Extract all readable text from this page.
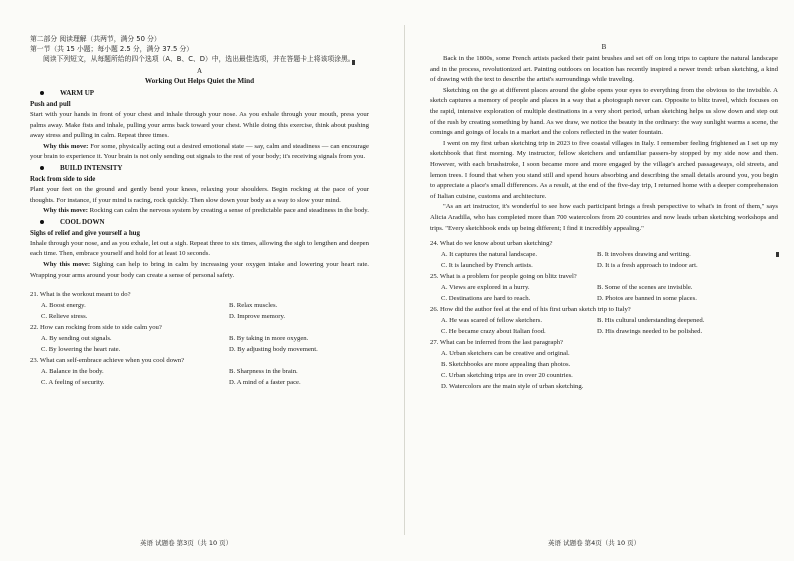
第二部分 阅读理解（共两节，满分 50 分）

第一节（共 15 小题；每小题 2.5 分，满分 37.5 分）

阅读下列短文，从每题所给的四个选项（A、B、C、D）中，选出最佳选项，并在答题卡上将该项涂黑。

A

Working Out Helps Quiet the Mind

WARM UP

Push and pull

Start with your hands in front of your chest and inhale through your nose. As you exhale through your mouth, press your palms away. Make fists and inhale, pulling your arms back toward your chest. While doing this exercise, think about pushing away stress and pulling in calm. Repeat three times.

Why this move: For some, physically acting out a desired emotional state — say, calm and steadiness — can encourage your brain to experience it. Your brain is not only sending out signals to the rest of your body; it's receiving signals from you.

BUILD INTENSITY

Rock from side to side

Plant your feet on the ground and gently bend your knees, relaxing your shoulders. Begin rocking at the pace of your thoughts. For instance, if your mind is racing, rock quickly. Then slow down your body as a way to slow your mind.

Why this move: Rocking can calm the nervous system by creating a sense of predictable pace and steadiness in the body.

COOL DOWN

Sighs of relief and give yourself a hug

Inhale through your nose, and as you exhale, let out a sigh. Repeat three to six times, allowing the sigh to lengthen and deepen each time. Then, embrace yourself and hold for at least 10 seconds.

Why this move: Sighing can help to bring in calm by increasing your oxygen intake and lowering your heart rate. Wrapping your arms around your body can create a sense of personal safety.

21. What is the workout meant to do?

A. Boost energy.	B. Relax muscles.
C. Relieve stress.	D. Improve memory.

22. How can rocking from side to side calm you?

A. By sending out signals.	B. By taking in more oxygen.
C. By lowering the heart rate.	D. By adjusting body movement.

23. What can self-embrace achieve when you cool down?

A. Balance in the body.	B. Sharpness in the brain.
C. A feeling of security.	D. A mind of a faster pace.
英语 试题卷 第3页（共 10 页）

B

Back in the 1800s, some French artists packed their paint brushes and set off on long trips to capture the natural landscape and in the process, revolutionized art. Painting outdoors on location has recently inspired a newer trend: urban sketching, a kind of drawing with the text to describe the artist's surroundings while traveling.

Sketching on the go at different places around the globe opens your eyes to everything from the obvious to the invisible. A sketch captures a memory of people and places in a way that a photograph never can. Opposite to blitz travel, which focuses on the rapid, intensive exploration of multiple destinations in a very short period, urban sketching helps us slow down and step out of the rush by creating something by hand. As we draw, we notice the beauty in the ordinary: the way sunlight warms a scene, the comings and goings of locals in a market and the colors reflected in the water fountain.

I went on my first urban sketching trip in 2023 to five coastal villages in Italy. I remember feeling frightened as I set up my sketchbook that first morning. My instructor, fellow sketchers and unfamiliar passers-by stopped by my side now and then. However, with each brushstroke, I soon became more and more engaged by the village's arched passageways, old streets, and lemon trees. I found that when you stand still and spend hours absorbing and describing the small details around you, you begin to appreciate a place's small differences. As a result, at the end of the five-day trip, I returned home with a deeper comprehension of Italian cuisine, customs and architecture.

"As an art instructor, it's wonderful to see how each participant brings a fresh perspective to what's in front of them," says Alicia Aradilla, who has completed more than 700 watercolors from 20 countries and now leads urban sketching workshops and trips. "Every sketchbook ends up being different; I find it incredibly appealing."

24. What do we know about urban sketching?

A. It captures the natural landscape.	B. It involves drawing and writing.
C. It is launched by French artists.	D. It is a fresh approach to indoor art.

25. What is a problem for people going on blitz travel?

A. Views are explored in a hurry.	B. Some of the scenes are invisible.
C. Destinations are hard to reach.	D. Photos are banned in some places.

26. How did the author feel at the end of his first urban sketch trip to Italy?

A. He was scared of fellow sketchers.	B. His cultural understanding deepened.
C. He became crazy about Italian food.	D. His drawings needed to be polished.

27. What can be inferred from the last paragraph?

A. Urban sketchers can be creative and original.

B. Sketchbooks are more appealing than photos.

C. Urban sketching trips are in over 20 countries.

D. Watercolors are the main style of urban sketching.

英语 试题卷 第4页（共 10 页）
